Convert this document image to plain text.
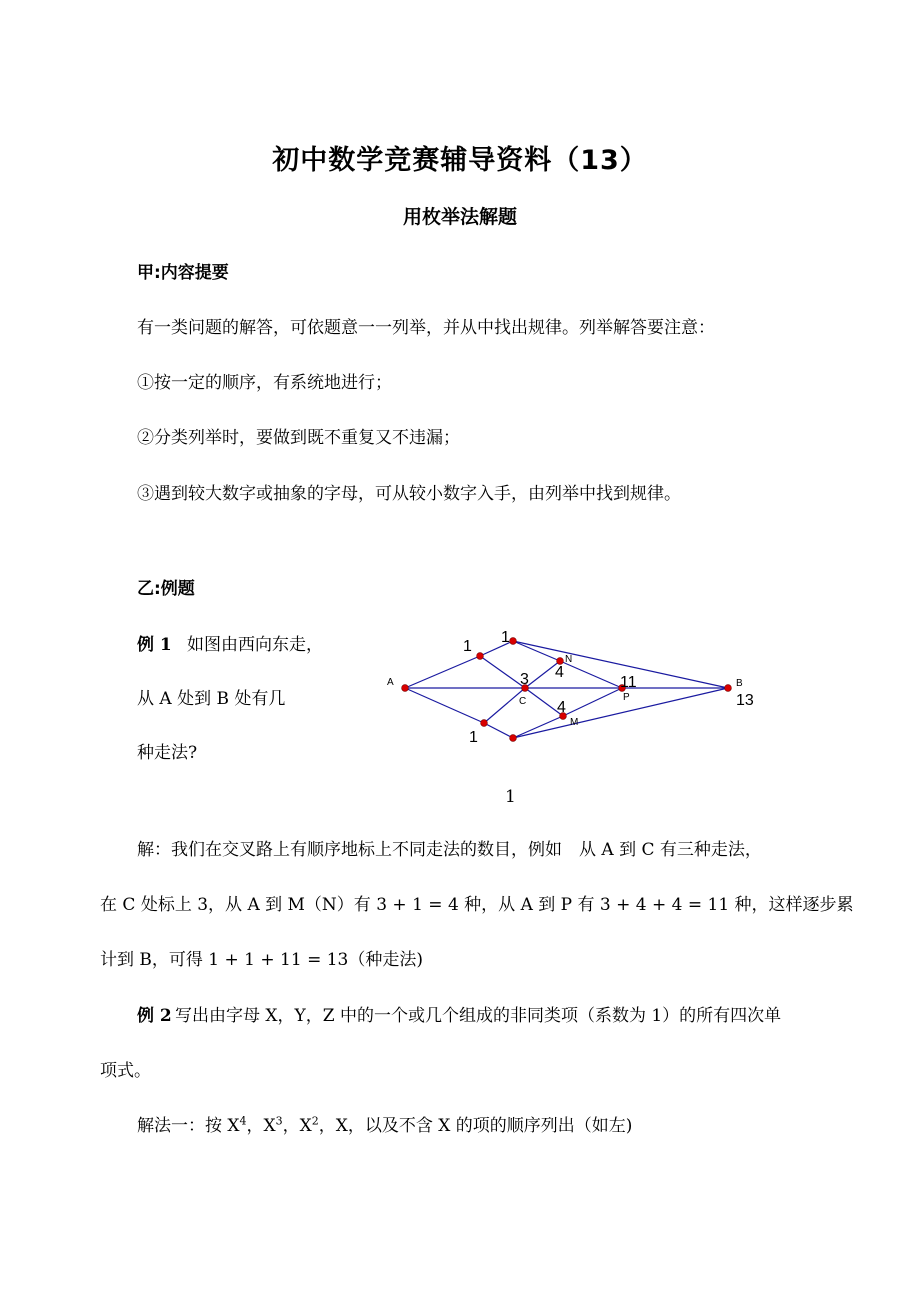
初中数学竞赛辅导资料（13）
用枚举法解题
甲:内容提要
有一类问题的解答，可依题意一一列举，并从中找出规律。列举解答要注意：
①按一定的顺序，有系统地进行；
②分类列举时，要做到既不重复又不违漏；
③遇到较大数字或抽象的字母，可从较小数字入手，由列举中找到规律。
乙:例题
例 1 如图由西向东走，
从 A 处到 B 处有几
种走法?
A
C
N
M
P
B
1
1
1
3 4
4
11
13
1
解：我们在交叉路上有顺序地标上不同走法的数目，例如　从 A 到 C 有三种走法，
在 C 处标上 3，从 A 到 M（N）有 3 + 1 = 4 种，从 A 到 P 有 3 + 4 + 4 = 11 种，这样逐步累
计到 B，可得 1 + 1 + 11 = 13（种走法)
例 2 写出由字母 X，Y，Z 中的一个或几个组成的非同类项（系数为 1）的所有四次单
项式。
解法一：按 $X^4$，$X^3$，$X^2$，X，以及不含 X 的项的顺序列出（如左)
